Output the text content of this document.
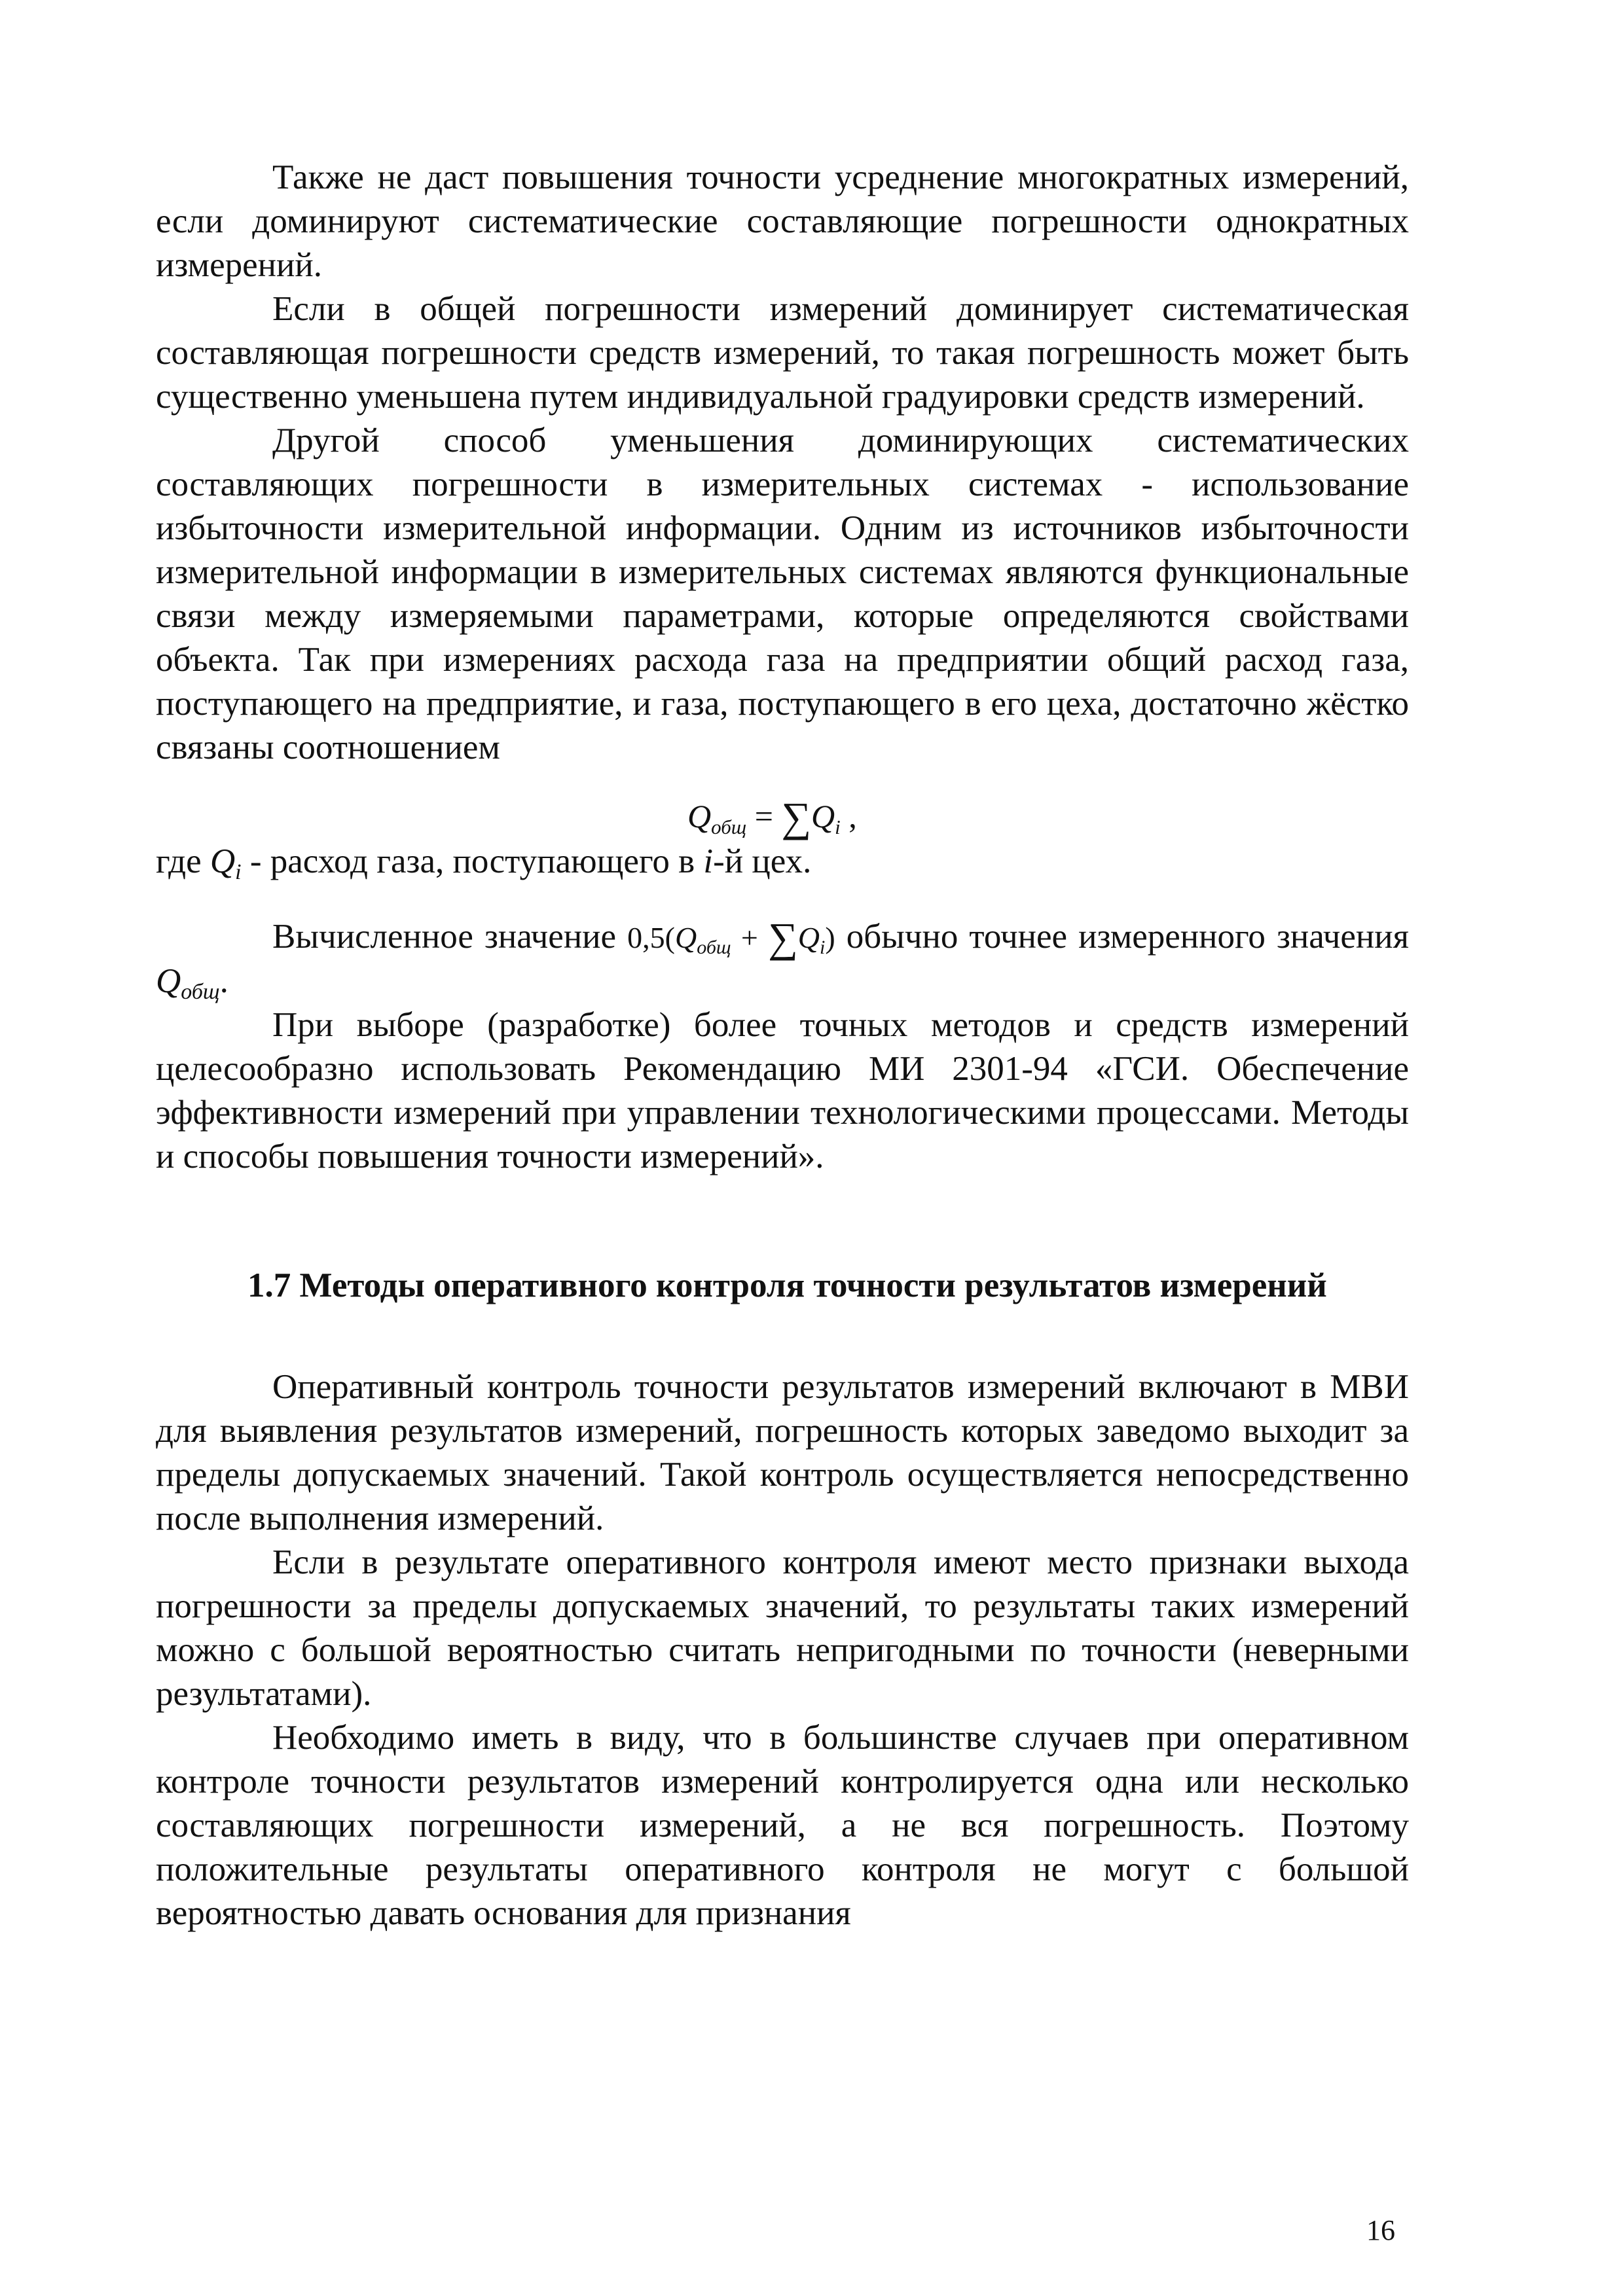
Также не даст повышения точности усреднение многократных измерений, если доминируют систематические составляющие погрешности однократных измерений.

Если в общей погрешности измерений доминирует систематическая составляющая погрешности средств измерений, то такая погрешность может быть существенно уменьшена путем индивидуальной градуировки средств измерений.

Другой способ уменьшения доминирующих систематических составляющих погрешности в измерительных системах - использование избыточности измерительной информации. Одним из источников избыточности измерительной информации в измерительных системах являются функциональные связи между измеряемыми параметрами, которые определяются свойствами объекта. Так при измерениях расхода газа на предприятии общий расход газа, поступающего на предприятие, и газа, поступающего в его цеха, достаточно жёстко связаны соотношением

$Q_{общ} = \sum Q_i$ ,

где $Q_i$ - расход газа, поступающего в i-й цех.

Вычисленное значение $0,5(Q_{общ} + \sum Q_i)$ обычно точнее измеренного значения $Q_{общ}$.

При выборе (разработке) более точных методов и средств измерений целесообразно использовать Рекомендацию МИ 2301-94 «ГСИ. Обеспечение эффективности измерений при управлении технологическими процессами. Методы и способы повышения точности измерений».

1.7 Методы оперативного контроля точности результатов измерений

Оперативный контроль точности результатов измерений включают в МВИ для выявления результатов измерений, погрешность которых заведомо выходит за пределы допускаемых значений. Такой контроль осуществляется непосредственно после выполнения измерений.

Если в результате оперативного контроля имеют место признаки выхода погрешности за пределы допускаемых значений, то результаты таких измерений можно с большой вероятностью считать непригодными по точности (неверными результатами).

Необходимо иметь в виду, что в большинстве случаев при оперативном контроле точности результатов измерений контролируется одна или несколько составляющих погрешности измерений, а не вся погрешность. Поэтому положительные результаты оперативного контроля не могут с большой вероятностью давать основания для признания

16
